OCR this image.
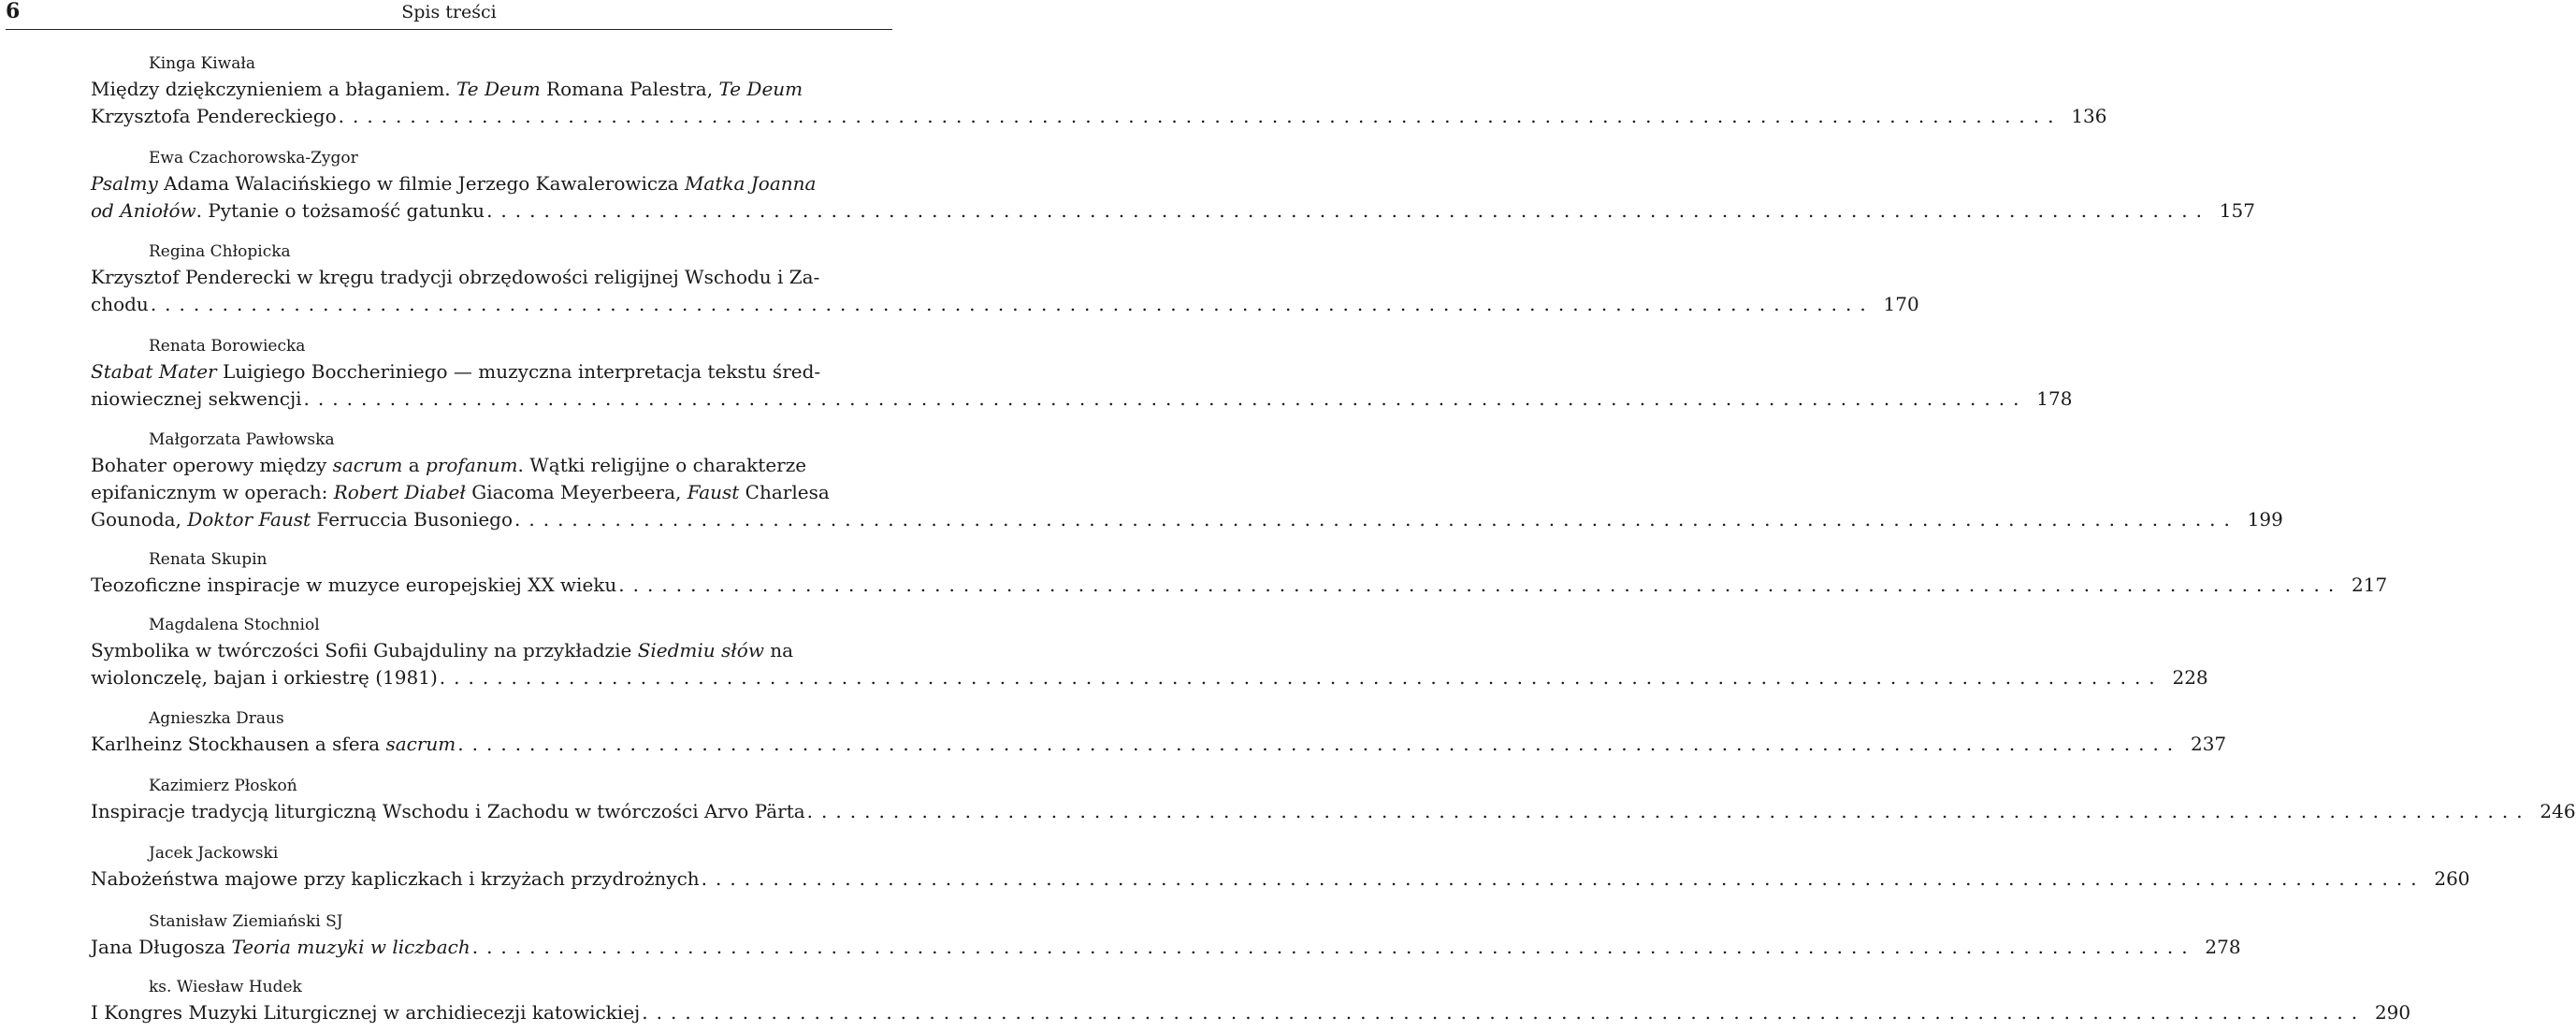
6	Spis treści
Kinga Kiwała
Między dziękczynieniem a błaganiem. Te Deum Romana Palestra, Te Deum
Krzysztofa Pendereckiego ........................................................................................................................ 136
Ewa Czachorowska-Zygor
Psalmy Adama Walacińskiego w filmie Jerzego Kawalerowicza Matka Joanna
od Aniołów. Pytanie o tożsamość gatunku ........................................................................................................................ 157
Regina Chłopicka
Krzysztof Penderecki w kręgu tradycji obrzędowości religijnej Wschodu i Za-
chodu ........................................................................................................................ 170
Renata Borowiecka
Stabat Mater Luigiego Boccheriniego — muzyczna interpretacja tekstu śred-
niowiecznej sekwencji ........................................................................................................................ 178
Małgorzata Pawłowska
Bohater operowy między sacrum a profanum. Wątki religijne o charakterze
epifanicznym w operach: Robert Diabeł Giacoma Meyerbeera, Faust Charlesa
Gounoda, Doktor Faust Ferruccia Busoniego ........................................................................................................................ 199
Renata Skupin
Teozoficzne inspiracje w muzyce europejskiej XX wieku ........................................................................................................................ 217
Magdalena Stochniol
Symbolika w twórczości Sofii Gubajduliny na przykładzie Siedmiu słów na
wiolonczelę, bajan i orkiestrę (1981) ........................................................................................................................ 228
Agnieszka Draus
Karlheinz Stockhausen a sfera sacrum ........................................................................................................................ 237
Kazimierz Płoskoń
Inspiracje tradycją liturgiczną Wschodu i Zachodu w twórczości Arvo Pärta ........................................................................................................................ 246
Jacek Jackowski
Nabożeństwa majowe przy kapliczkach i krzyżach przydrożnych ........................................................................................................................ 260
Stanisław Ziemiański SJ
Jana Długosza Teoria muzyki w liczbach ........................................................................................................................ 278
ks. Wiesław Hudek
I Kongres Muzyki Liturgicznej w archidiecezji katowickiej ........................................................................................................................ 290
